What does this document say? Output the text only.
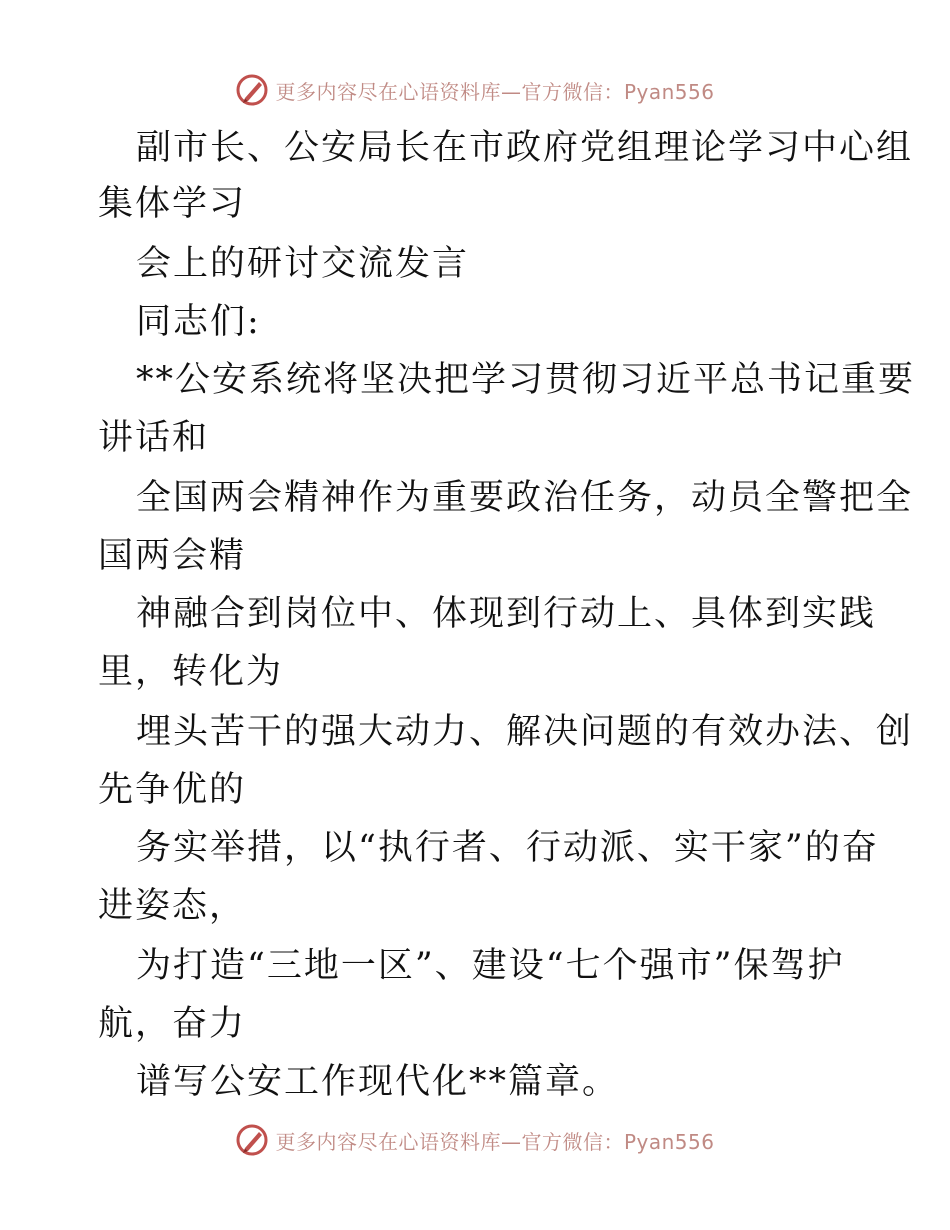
更多内容尽在心语资料库—官方微信：Pyan556
副市长、公安局长在市政府党组理论学习中心组
集体学习
会上的研讨交流发言
同志们:
**公安系统将坚决把学习贯彻习近平总书记重要
讲话和
全国两会精神作为重要政治任务，动员全警把全
国两会精
神融合到岗位中、体现到行动上、具体到实践
里，转化为
埋头苦干的强大动力、解决问题的有效办法、创
先争优的
务实举措，以“执行者、行动派、实干家”的奋
进姿态，
为打造“三地一区”、建设“七个强市”保驾护
航，奋力
谱写公安工作现代化**篇章。
更多内容尽在心语资料库—官方微信：Pyan556
